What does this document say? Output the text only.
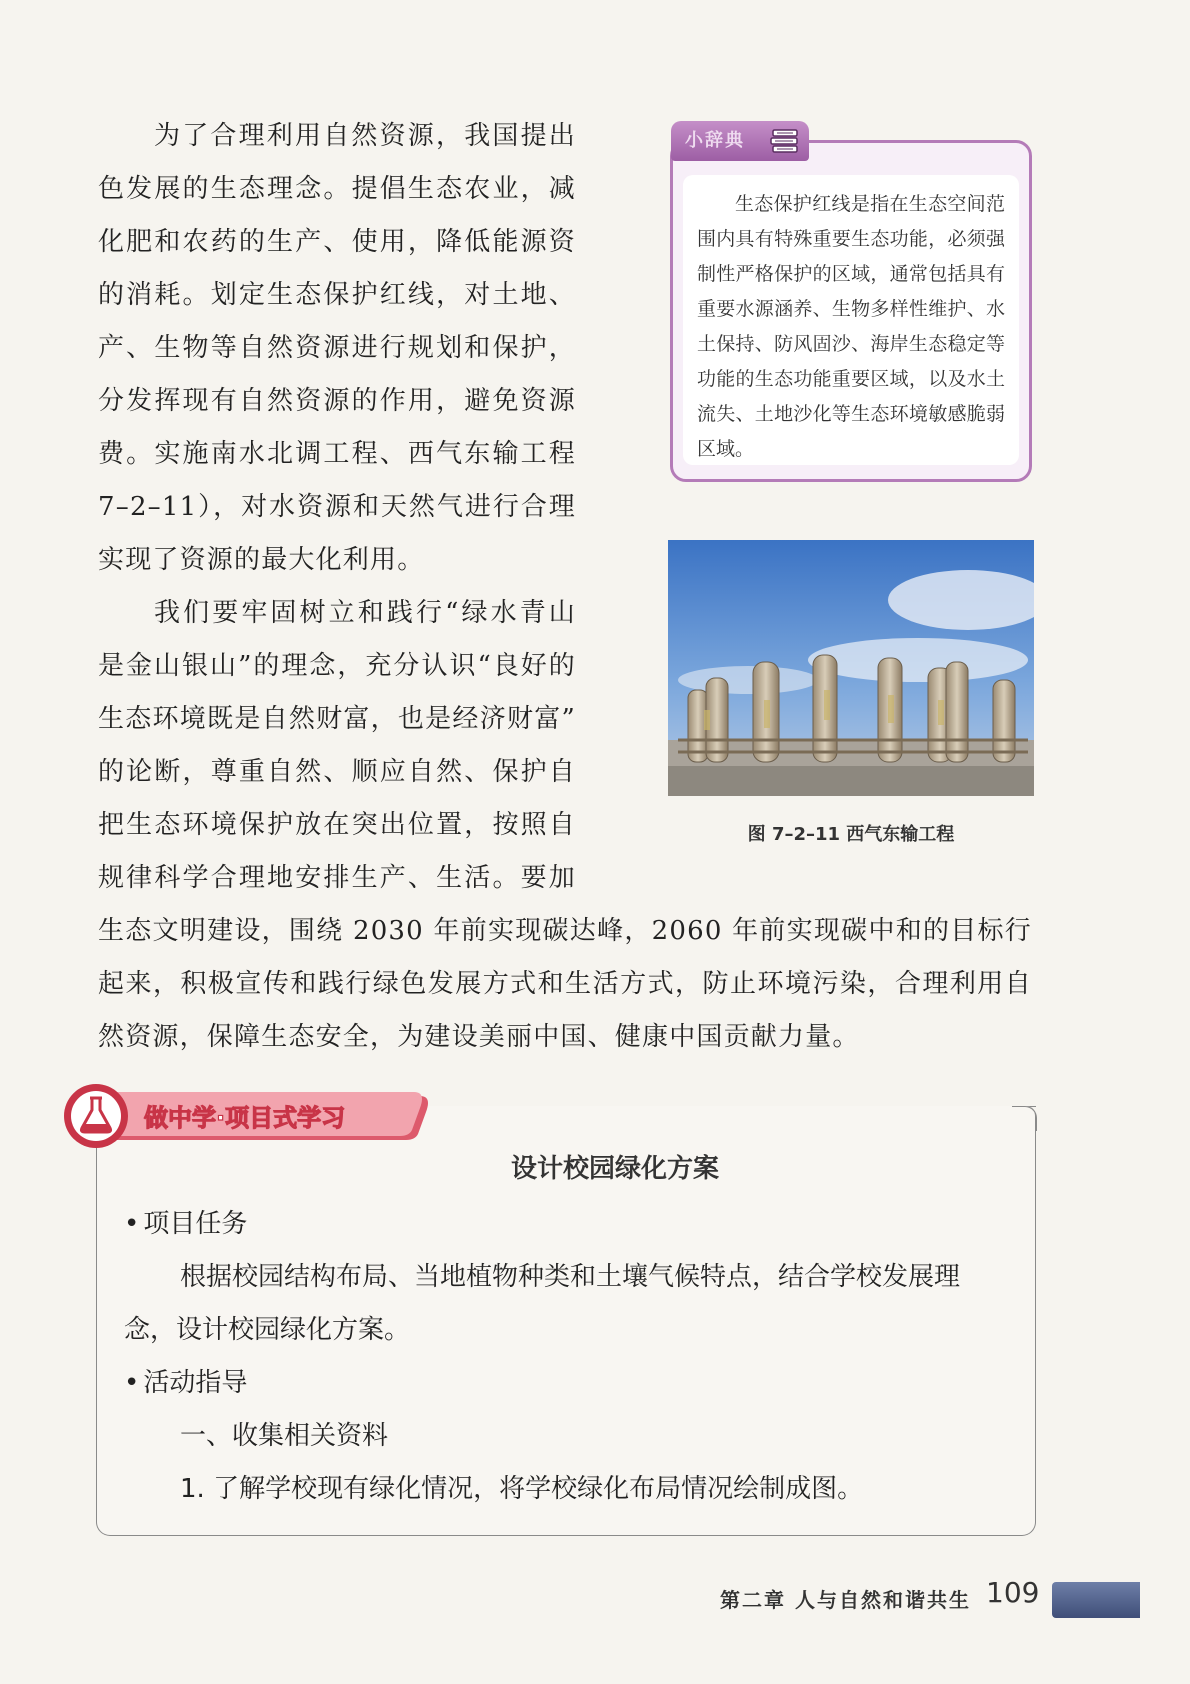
为了合理利用自然资源，我国提出
色发展的生态理念。提倡生态农业，减
化肥和农药的生产、使用，降低能源资
的消耗。划定生态保护红线，对土地、
产、生物等自然资源进行规划和保护，
分发挥现有自然资源的作用，避免资源
费。实施南水北调工程、西气东输工程
7–2–11），对水资源和天然气进行合理
实现了资源的最大化利用。
我们要牢固树立和践行“绿水青山
是金山银山”的理念，充分认识“良好的
生态环境既是自然财富，也是经济财富”
的论断，尊重自然、顺应自然、保护自
把生态环境保护放在突出位置，按照自
规律科学合理地安排生产、生活。要加
生态文明建设，围绕 2030 年前实现碳达峰，2060 年前实现碳中和的目标行
起来，积极宣传和践行绿色发展方式和生活方式，防止环境污染，合理利用自
然资源，保障生态安全，为建设美丽中国、健康中国贡献力量。
小辞典

生态保护红线是指在生态空间范围内具有特殊重要生态功能，必须强制性严格保护的区域，通常包括具有重要水源涵养、生物多样性维护、水土保持、防风固沙、海岸生态稳定等功能的生态功能重要区域，以及水土流失、土地沙化等生态环境敏感脆弱区域。

图 7–2–11 西气东输工程
做中学·项目式学习
设计校园绿化方案
• 项目任务
根据校园结构布局、当地植物种类和土壤气候特点，结合学校发展理
念，设计校园绿化方案。
• 活动指导
一、收集相关资料
1. 了解学校现有绿化情况，将学校绿化布局情况绘制成图。
第二章 人与自然和谐共生 109
